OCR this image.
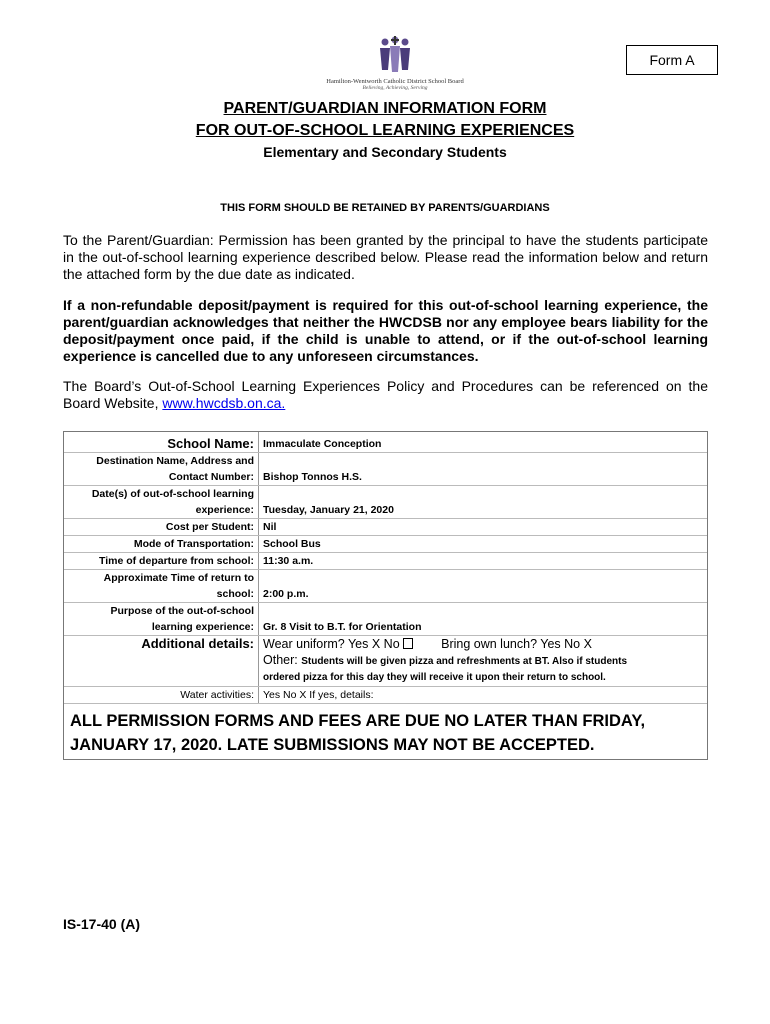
Hamilton-Wentworth Catholic District School Board
Believing, Achieving, Serving
Form A
PARENT/GUARDIAN INFORMATION FORM
FOR OUT-OF-SCHOOL LEARNING EXPERIENCES
Elementary and Secondary Students
THIS FORM SHOULD BE RETAINED BY PARENTS/GUARDIANS
To the Parent/Guardian: Permission has been granted by the principal to have the students participate in the out-of-school learning experience described below. Please read the information below and return the attached form by the due date as indicated.
If a non-refundable deposit/payment is required for this out-of-school learning experience, the parent/guardian acknowledges that neither the HWCDSB nor any employee bears liability for the deposit/payment once paid, if the child is unable to attend, or if the out-of-school learning experience is cancelled due to any unforeseen circumstances.
The Board’s Out-of-School Learning Experiences Policy and Procedures can be referenced on the Board Website, www.hwcdsb.on.ca.
School Name:	Immaculate Conception

Destination Name, Address and
Contact Number:	Bishop Tonnos H.S.

Date(s) of out-of-school learning
experience:	Tuesday, January 21, 2020
Cost per Student:	Nil
Mode of Transportation:	School Bus
Time of departure from school:	11:30 a.m.

Approximate Time of return to
school:	2:00 p.m.

Purpose of the out-of-school
learning experience:	Gr. 8 Visit to B.T. for Orientation
Additional details:	Wear uniform? Yes X No Bring own lunch? Yes No X
Other: Students will be given pizza and refreshments at BT. Also if students
ordered pizza for this day they will receive it upon their return to school.

Water activities:	Yes No X If yes, details:
ALL PERMISSION FORMS AND FEES ARE DUE NO LATER THAN FRIDAY, JANUARY 17, 2020. LATE SUBMISSIONS MAY NOT BE ACCEPTED.
IS-17-40 (A)
